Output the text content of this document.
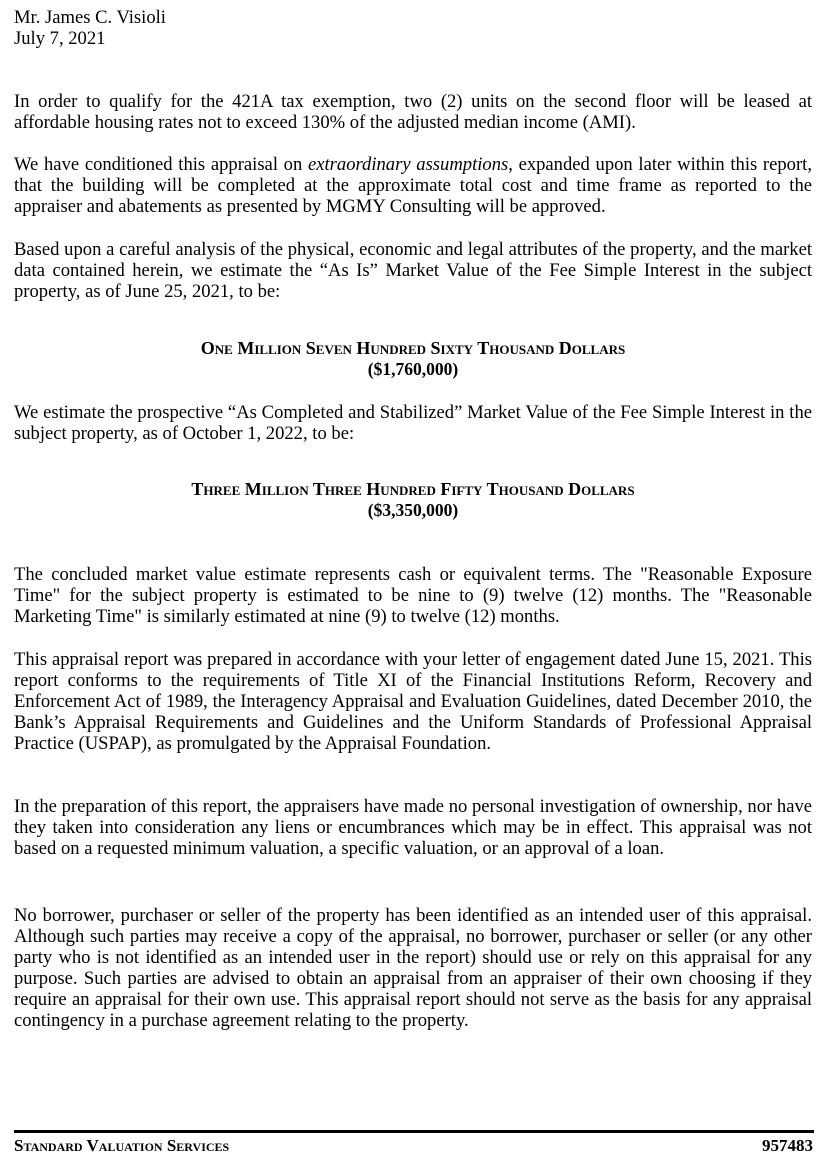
Mr. James C. Visioli
July 7, 2021

In order to qualify for the 421A tax exemption, two (2) units on the second floor will be leased at affordable housing rates not to exceed 130% of the adjusted median income (AMI).

We have conditioned this appraisal on extraordinary assumptions, expanded upon later within this report, that the building will be completed at the approximate total cost and time frame as reported to the appraiser and abatements as presented by MGMY Consulting will be approved.

Based upon a careful analysis of the physical, economic and legal attributes of the property, and the market data contained herein, we estimate the “As Is” Market Value of the Fee Simple Interest in the subject property, as of June 25, 2021, to be:

One Million Seven Hundred Sixty Thousand Dollars
($1,760,000)

We estimate the prospective “As Completed and Stabilized” Market Value of the Fee Simple Interest in the subject property, as of October 1, 2022, to be:

Three Million Three Hundred Fifty Thousand Dollars
($3,350,000)

The concluded market value estimate represents cash or equivalent terms. The "Reasonable Exposure Time" for the subject property is estimated to be nine to (9) twelve (12) months. The "Reasonable Marketing Time" is similarly estimated at nine (9) to twelve (12) months.

This appraisal report was prepared in accordance with your letter of engagement dated June 15, 2021. This report conforms to the requirements of Title XI of the Financial Institutions Reform, Recovery and Enforcement Act of 1989, the Interagency Appraisal and Evaluation Guidelines, dated December 2010, the Bank’s Appraisal Requirements and Guidelines and the Uniform Standards of Professional Appraisal Practice (USPAP), as promulgated by the Appraisal Foundation.

In the preparation of this report, the appraisers have made no personal investigation of ownership, nor have they taken into consideration any liens or encumbrances which may be in effect. This appraisal was not based on a requested minimum valuation, a specific valuation, or an approval of a loan.

No borrower, purchaser or seller of the property has been identified as an intended user of this appraisal. Although such parties may receive a copy of the appraisal, no borrower, purchaser or seller (or any other party who is not identified as an intended user in the report) should use or rely on this appraisal for any purpose. Such parties are advised to obtain an appraisal from an appraiser of their own choosing if they require an appraisal for their own use. This appraisal report should not serve as the basis for any appraisal contingency in a purchase agreement relating to the property.

Standard Valuation Services	957483
